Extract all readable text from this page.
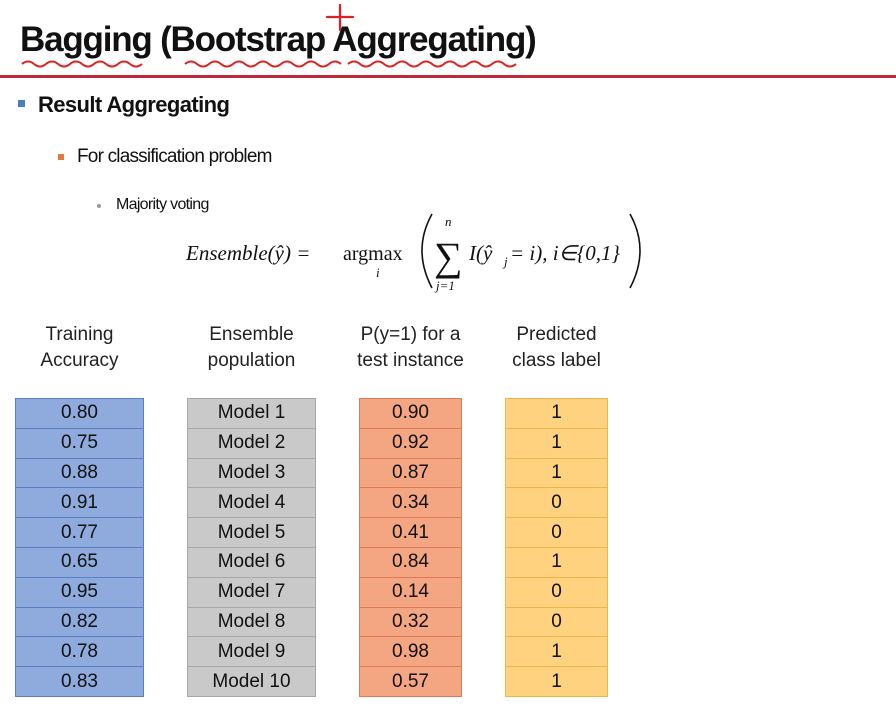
Bagging (Bootstrap Aggregating)
Result Aggregating
For classification problem
Majority voting
Ensemble(ŷ) = argmax
i
n
∑
j=1
I(ŷ j = i), i∈{0,1}
Training
Accuracy
Ensemble
population
P(y=1) for a
test instance
Predicted
class label
0.80
0.75
0.88
0.91
0.77
0.65
0.95
0.82
0.78
0.83
Model 1
Model 2
Model 3
Model 4
Model 5
Model 6
Model 7
Model 8
Model 9
Model 10
0.90
0.92
0.87
0.34
0.41
0.84
0.14
0.32
0.98
0.57
1
1
1
0
0
1
0
0
1
1
